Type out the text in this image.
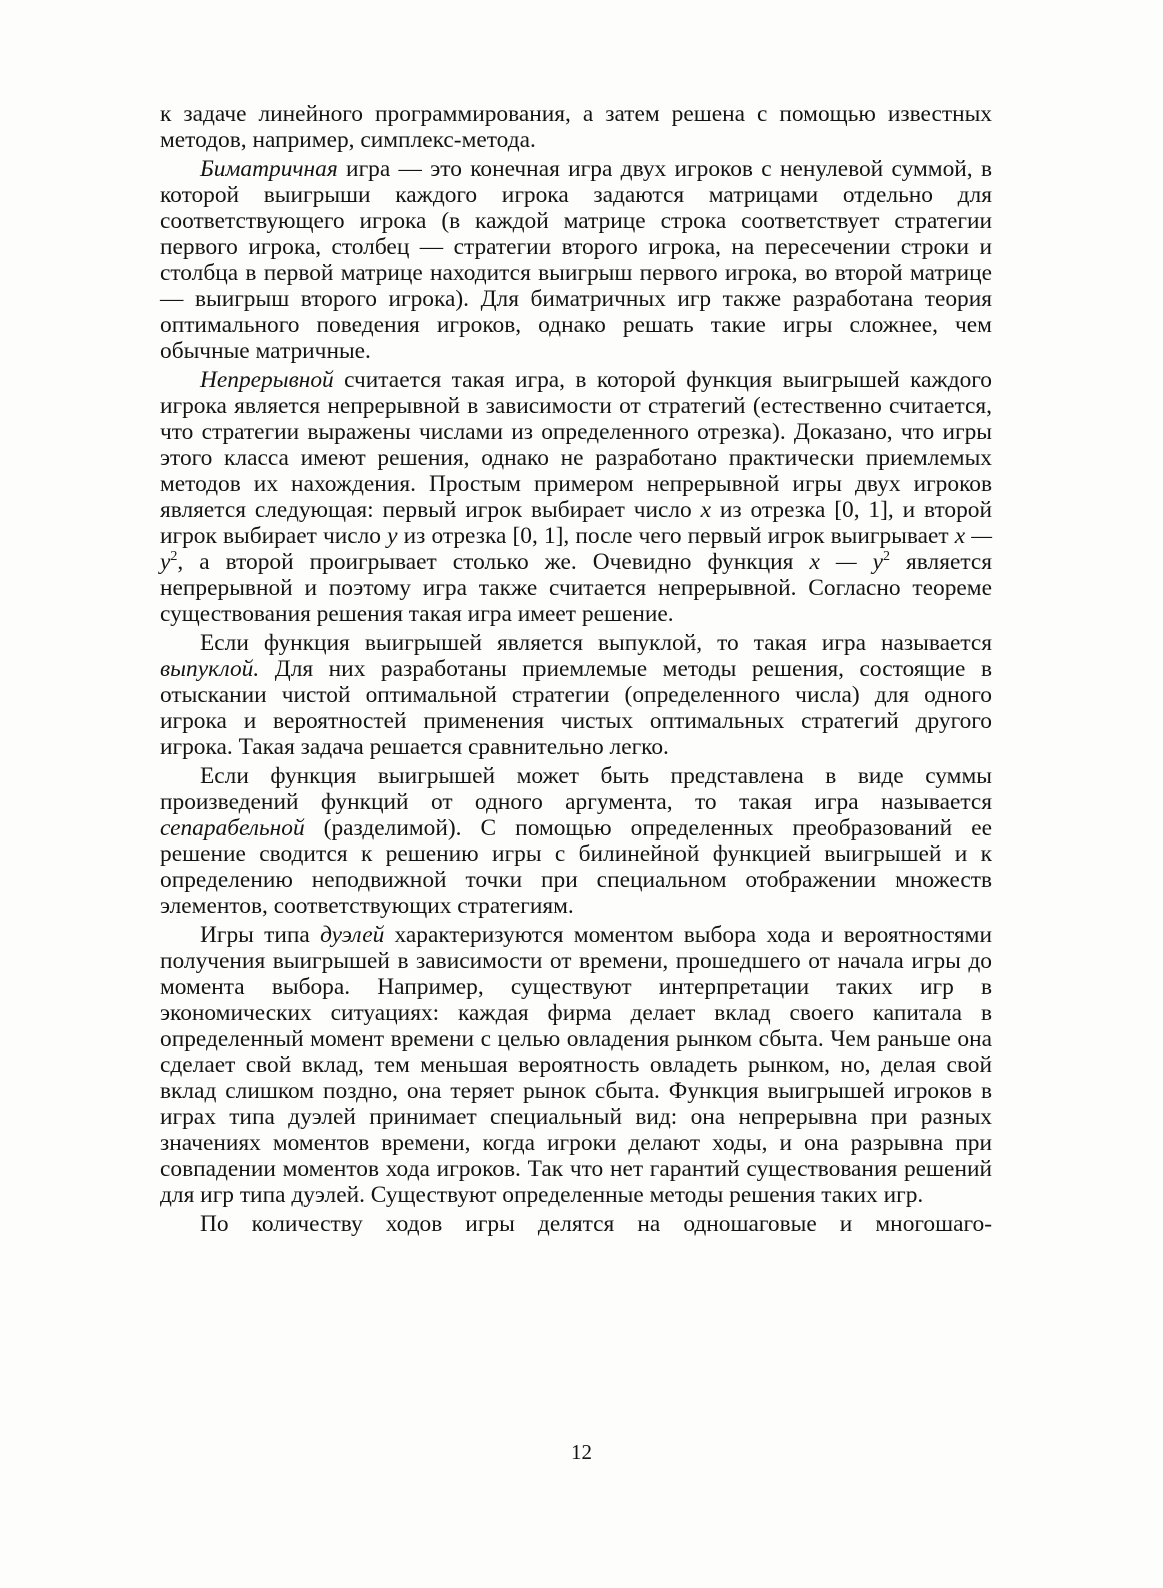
к задаче линейного программирования, а затем решена с помощью известных методов, например, симплекс-метода.

Биматричная игра — это конечная игра двух игроков с ненулевой суммой, в которой выигрыши каждого игрока задаются матрицами отдельно для соответствующего игрока (в каждой матрице строка соответствует стратегии первого игрока, столбец — стратегии второго игрока, на пересечении строки и столбца в первой матрице находится выигрыш первого игрока, во второй матрице — выигрыш второго игрока). Для биматричных игр также разработана теория оптимального поведения игроков, однако решать такие игры сложнее, чем обычные матричные.

Непрерывной считается такая игра, в которой функция выигрышей каждого игрока является непрерывной в зависимости от стратегий (естественно считается, что стратегии выражены числами из определенного отрезка). Доказано, что игры этого класса имеют решения, однако не разработано практически приемлемых методов их нахождения. Простым примером непрерывной игры двух игроков является следующая: первый игрок выбирает число x из отрезка [0, 1], и второй игрок выбирает число y из отрезка [0, 1], после чего первый игрок выигрывает x — $y^2$, а второй проигрывает столько же. Очевидно функция x — $y^2$ является непрерывной и поэтому игра также считается непрерывной. Согласно теореме существования решения такая игра имеет решение.

Если функция выигрышей является выпуклой, то такая игра называется выпуклой. Для них разработаны приемлемые методы решения, состоящие в отыскании чистой оптимальной стратегии (определенного числа) для одного игрока и вероятностей применения чистых оптимальных стратегий другого игрока. Такая задача решается сравнительно легко.

Если функция выигрышей может быть представлена в виде суммы произведений функций от одного аргумента, то такая игра называется сепарабельной (разделимой). С помощью определенных преобразований ее решение сводится к решению игры с билинейной функцией выигрышей и к определению неподвижной точки при специальном отображении множеств элементов, соответствующих стратегиям.

Игры типа дуэлей характеризуются моментом выбора хода и вероятностями получения выигрышей в зависимости от времени, прошедшего от начала игры до момента выбора. Например, существуют интерпретации таких игр в экономических ситуациях: каждая фирма делает вклад своего капитала в определенный момент времени с целью овладения рынком сбыта. Чем раньше она сделает свой вклад, тем меньшая вероятность овладеть рынком, но, делая свой вклад слишком поздно, она теряет рынок сбыта. Функция выигрышей игроков в играх типа дуэлей принимает специальный вид: она непрерывна при разных значениях моментов времени, когда игроки делают ходы, и она разрывна при совпадении моментов хода игроков. Так что нет гарантий существования решений для игр типа дуэлей. Существуют определенные методы решения таких игр.

По количеству ходов игры делятся на одношаговые и многошаго-

12
